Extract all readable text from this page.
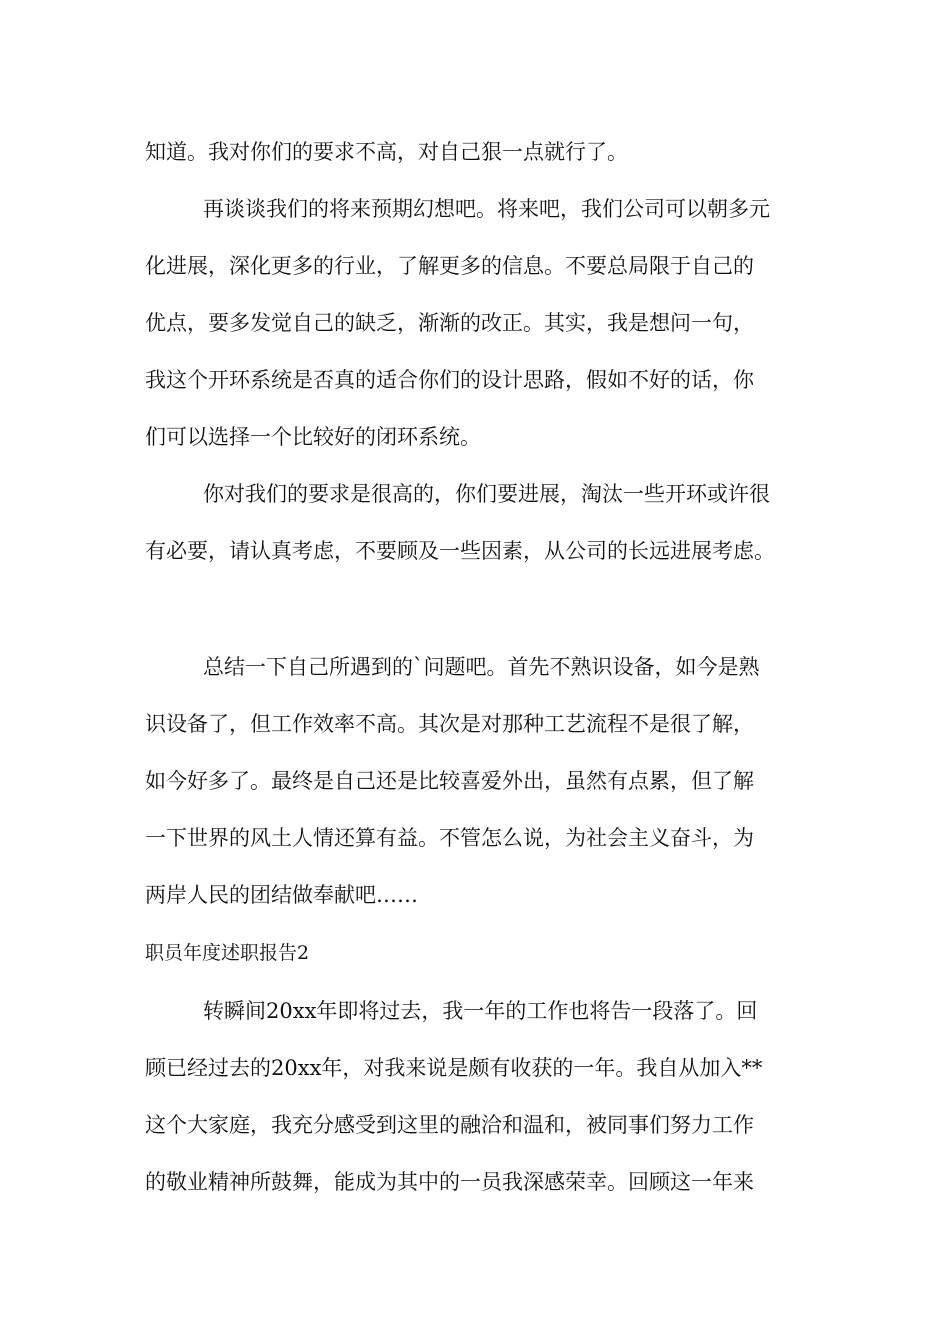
知道。我对你们的要求不高，对自己狠一点就行了。

再谈谈我们的将来预期幻想吧。将来吧，我们公司可以朝多元

化进展，深化更多的行业，了解更多的信息。不要总局限于自己的

优点，要多发觉自己的缺乏，渐渐的改正。其实，我是想问一句，

我这个开环系统是否真的适合你们的设计思路，假如不好的话，你

们可以选择一个比较好的闭环系统。

你对我们的要求是很高的，你们要进展，淘汰一些开环或许很

有必要，请认真考虑，不要顾及一些因素，从公司的长远进展考虑。

总结一下自己所遇到的`问题吧。首先不熟识设备，如今是熟

识设备了，但工作效率不高。其次是对那种工艺流程不是很了解，

如今好多了。最终是自己还是比较喜爱外出，虽然有点累，但了解

一下世界的风土人情还算有益。不管怎么说，为社会主义奋斗，为

两岸人民的团结做奉献吧……

职员年度述职报告2

转瞬间20xx年即将过去，我一年的工作也将告一段落了。回

顾已经过去的20xx年，对我来说是颇有收获的一年。我自从加入**

这个大家庭，我充分感受到这里的融洽和温和，被同事们努力工作

的敬业精神所鼓舞，能成为其中的一员我深感荣幸。回顾这一年来
